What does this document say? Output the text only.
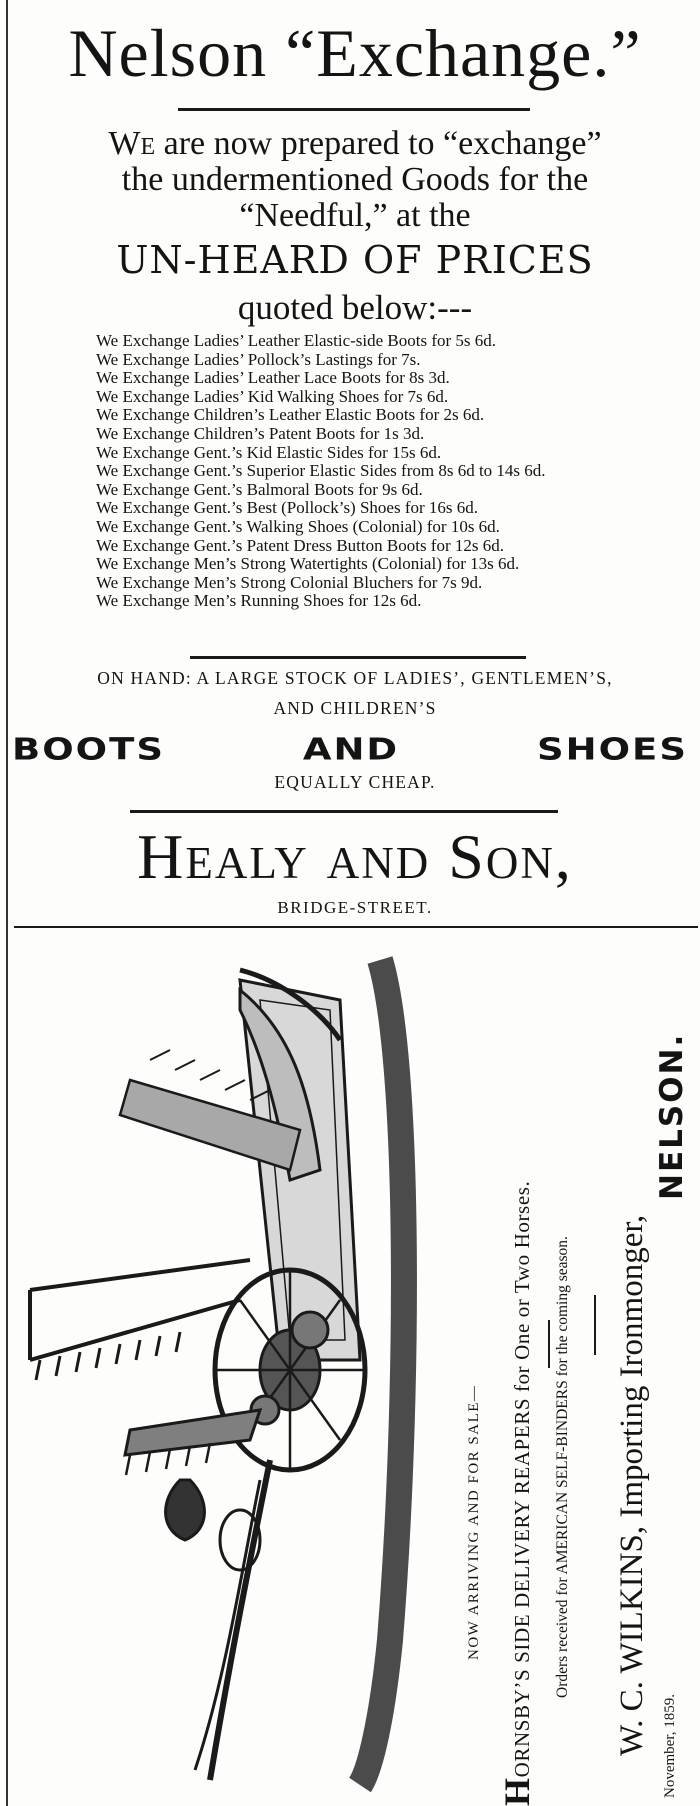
Nelson “Exchange.”
We are now prepared to “exchange”
the undermentioned Goods for the
“Needful,” at the
UN-HEARD OF PRICES
quoted below:---
We Exchange Ladies’ Leather Elastic-side Boots for 5s 6d.
We Exchange Ladies’ Pollock’s Lastings for 7s.
We Exchange Ladies’ Leather Lace Boots for 8s 3d.
We Exchange Ladies’ Kid Walking Shoes for 7s 6d.
We Exchange Children’s Leather Elastic Boots for 2s 6d.
We Exchange Children’s Patent Boots for 1s 3d.
We Exchange Gent.’s Kid Elastic Sides for 15s 6d.
We Exchange Gent.’s Superior Elastic Sides from 8s 6d to 14s 6d.
We Exchange Gent.’s Balmoral Boots for 9s 6d.
We Exchange Gent.’s Best (Pollock’s) Shoes for 16s 6d.
We Exchange Gent.’s Walking Shoes (Colonial) for 10s 6d.
We Exchange Gent.’s Patent Dress Button Boots for 12s 6d.
We Exchange Men’s Strong Watertights (Colonial) for 13s 6d.
We Exchange Men’s Strong Colonial Bluchers for 7s 9d.
We Exchange Men’s Running Shoes for 12s 6d.
ON HAND: A LARGE STOCK OF LADIES’, GENTLEMEN’S,
AND CHILDREN’S
BOOTS	AND	SHOES
EQUALLY CHEAP.
Healy and Son,
BRIDGE-STREET.
NOW ARRIVING AND FOR SALE—
HORNSBY’S SIDE DELIVERY REAPERS for One or Two Horses. Orders received for AMERICAN SELF-BINDERS for the coming season. W. C. WILKINS, Importing Ironmonger,
NELSON.
November, 1859.
